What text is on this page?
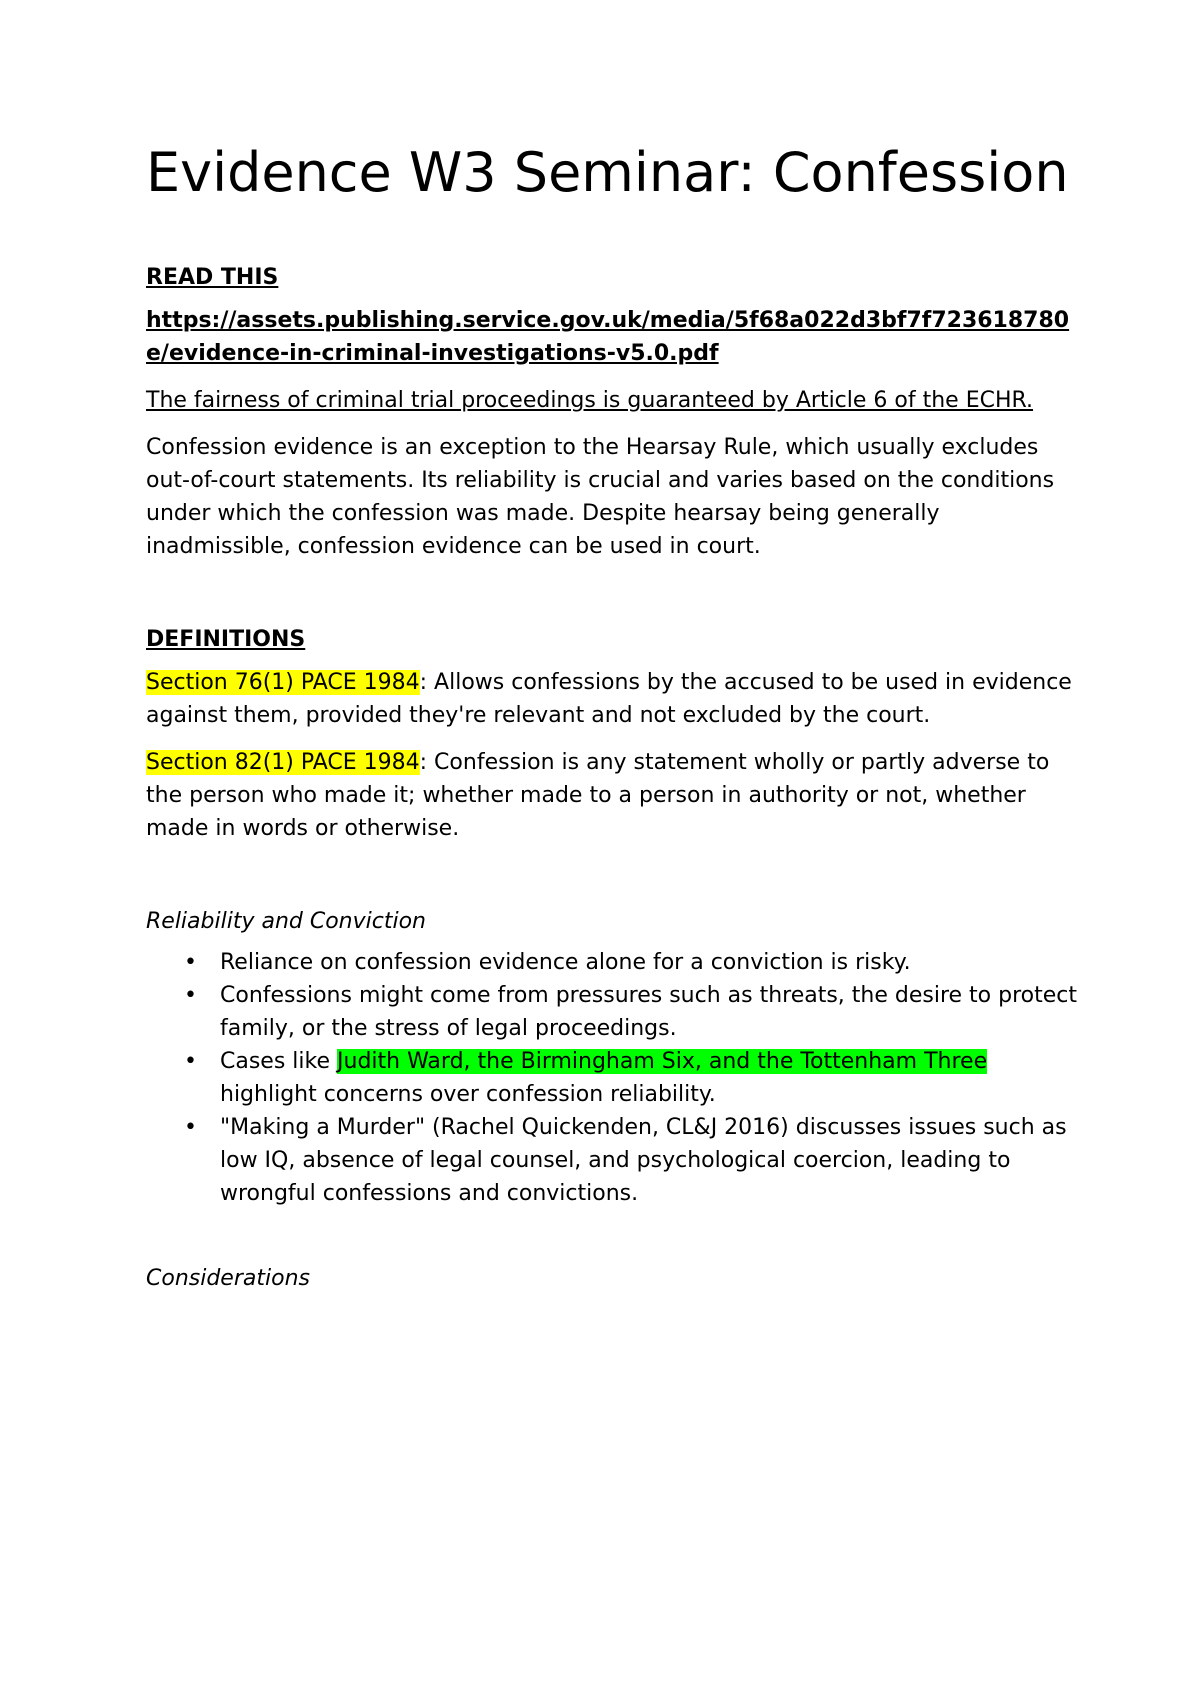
Evidence W3 Seminar: Confession
READ THIS
https://assets.publishing.service.gov.uk/media/5f68a022d3bf7f723618780e/evidence-in-criminal-investigations-v5.0.pdf

The fairness of criminal trial proceedings is guaranteed by Article 6 of the ECHR.

Confession evidence is an exception to the Hearsay Rule, which usually excludes out-of-court statements. Its reliability is crucial and varies based on the conditions under which the confession was made. Despite hearsay being generally inadmissible, confession evidence can be used in court.

DEFINITIONS

Section 76(1) PACE 1984: Allows confessions by the accused to be used in evidence against them, provided they're relevant and not excluded by the court.

Section 82(1) PACE 1984: Confession is any statement wholly or partly adverse to the person who made it; whether made to a person in authority or not, whether made in words or otherwise.

Reliability and Conviction
• Reliance on confession evidence alone for a conviction is risky.
• Confessions might come from pressures such as threats, the desire to protect family, or the stress of legal proceedings.
• Cases like Judith Ward, the Birmingham Six, and the Tottenham Three highlight concerns over confession reliability.
• "Making a Murder" (Rachel Quickenden, CL&J 2016) discusses issues such as low IQ, absence of legal counsel, and psychological coercion, leading to wrongful confessions and convictions.
Considerations
